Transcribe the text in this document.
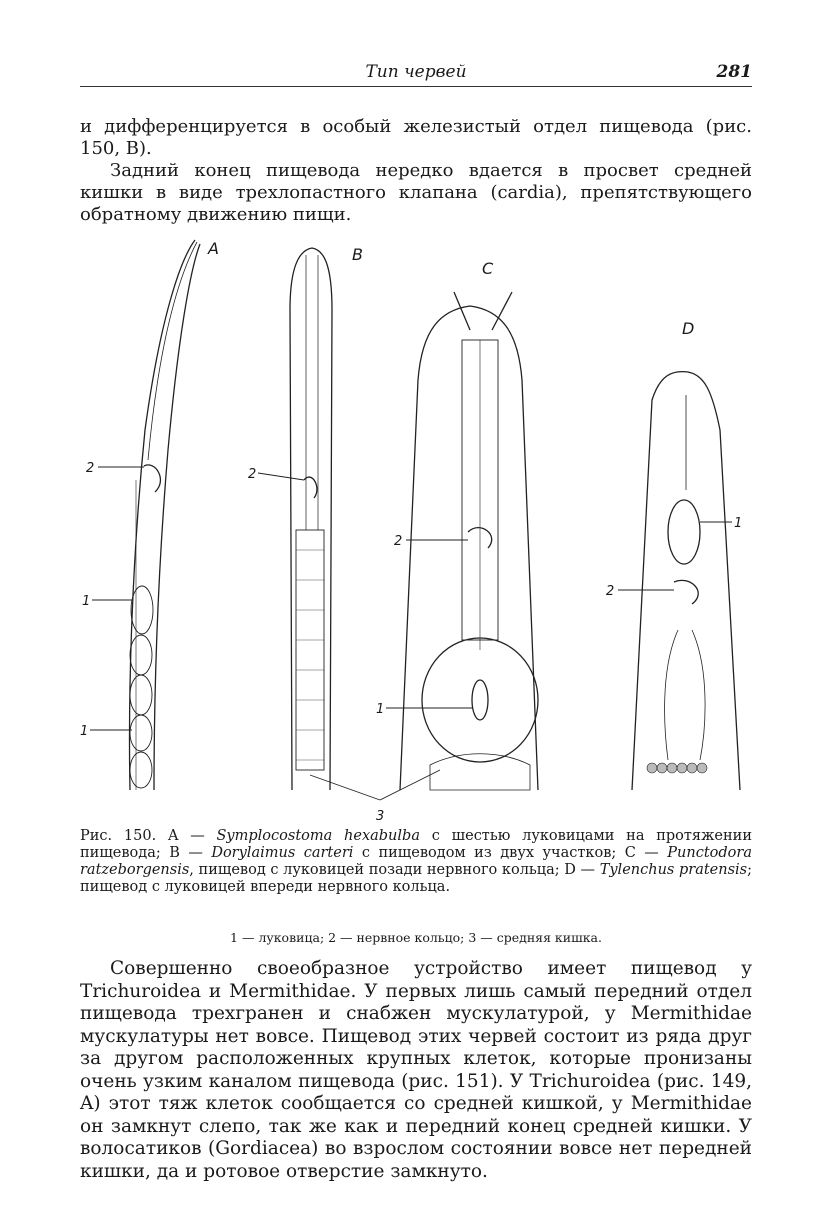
Тип червей	281

и дифференцируется в особый железистый отдел пищевода (рис. 150, B).

Задний конец пищевода нередко вдается в просвет средней кишки в виде трехлопастного клапана (cardia), препятствующего обратному движению пищи.

A	B
C
D
2
1
1
2
2
1
2
1
3

Рис. 150. A — Symplocostoma hexabulba с шестью луковицами на протяжении пищевода; B — Dorylaimus carteri с пищеводом из двух участков; C — Punctodora ratzeborgensis, пищевод с луковицей позади нервного кольца; D — Tylenchus pratensis; пищевод с луковицей впереди нервного кольца.

1 — луковица; 2 — нервное кольцо; 3 — средняя кишка.

Совершенно своеобразное устройство имеет пищевод у Trichuroidea и Mermithidae. У первых лишь самый передний отдел пищевода трехгранен и снабжен мускулатурой, у Mermithidae мускулатуры нет вовсе. Пищевод этих червей состоит из ряда друг за другом расположенных крупных клеток, которые пронизаны очень узким каналом пищевода (рис. 151). У Trichuroidea (рис. 149, A) этот тяж клеток сообщается со средней кишкой, у Mermithidae он замкнут слепо, так же как и передний конец средней кишки. У волосатиков (Gordiacea) во взрослом состоянии вовсе нет передней кишки, да и ротовое отверстие замкнуто.
